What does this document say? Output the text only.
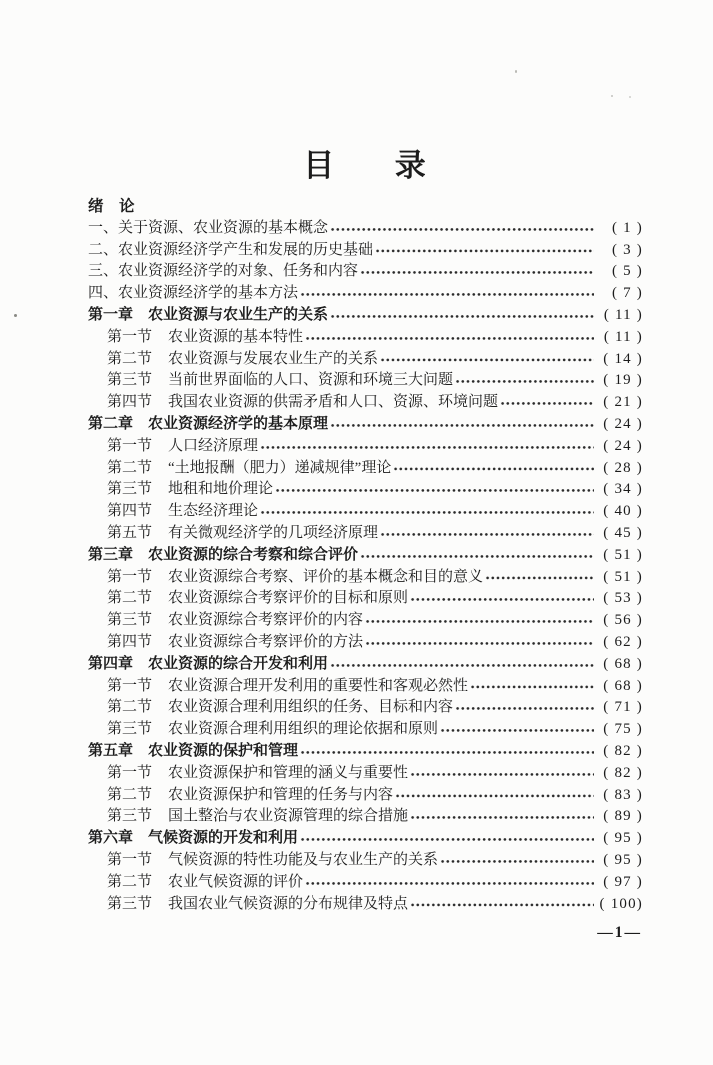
目      录
绪    论
一、 关于资源、农业资源的基本概念	( 1 )
二、 农业资源经济学产生和发展的历史基础	( 3 )
三、 农业资源经济学的对象、任务和内容	( 5 )
四、 农业资源经济学的基本方法	( 7 )
第一章 农业资源与农业生产的关系	( 11 )
第一节 农业资源的基本特性	( 11 )
第二节 农业资源与发展农业生产的关系	( 14 )
第三节 当前世界面临的人口、资源和环境三大问题	( 19 )
第四节 我国农业资源的供需矛盾和人口、资源、环境问题	( 21 )
第二章 农业资源经济学的基本原理	( 24 )
第一节 人口经济原理	( 24 )
第二节 “土地报酬（肥力）递减规律”理论	( 28 )
第三节 地租和地价理论	( 34 )
第四节 生态经济理论	( 40 )
第五节 有关微观经济学的几项经济原理	( 45 )
第三章 农业资源的综合考察和综合评价	( 51 )
第一节 农业资源综合考察、评价的基本概念和目的意义	( 51 )
第二节 农业资源综合考察评价的目标和原则	( 53 )
第三节 农业资源综合考察评价的内容	( 56 )
第四节 农业资源综合考察评价的方法	( 62 )
第四章 农业资源的综合开发和利用	( 68 )
第一节 农业资源合理开发利用的重要性和客观必然性	( 68 )
第二节 农业资源合理利用组织的任务、目标和内容	( 71 )
第三节 农业资源合理利用组织的理论依据和原则	( 75 )
第五章 农业资源的保护和管理	( 82 )
第一节 农业资源保护和管理的涵义与重要性	( 82 )
第二节 农业资源保护和管理的任务与内容	( 83 )
第三节 国土整治与农业资源管理的综合措施	( 89 )
第六章 气候资源的开发和利用	( 95 )
第一节 气候资源的特性功能及与农业生产的关系	( 95 )
第二节 农业气候资源的评价	( 97 )
第三节 我国农业气候资源的分布规律及特点	( 100)
—1—
